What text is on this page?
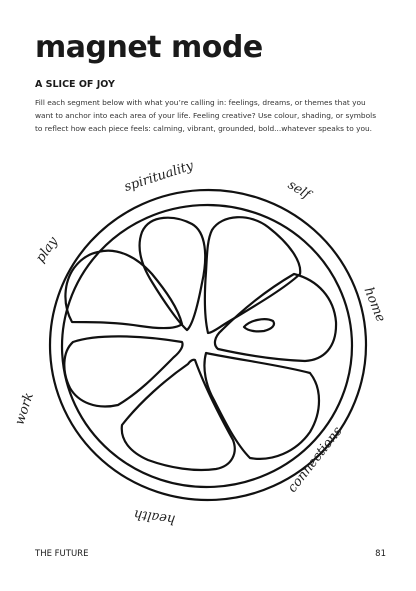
magnet mode
A SLICE OF JOY

Fill each segment below with what you’re calling in: feelings, dreams, or themes that you want to anchor into each area of your life. Feeling creative? Use colour, shading, or symbols to reflect how each piece feels: calming, vibrant, grounded, bold...whatever speaks to you.

spirituality	self
home
connections
health
work
play
THE FUTURE	81
